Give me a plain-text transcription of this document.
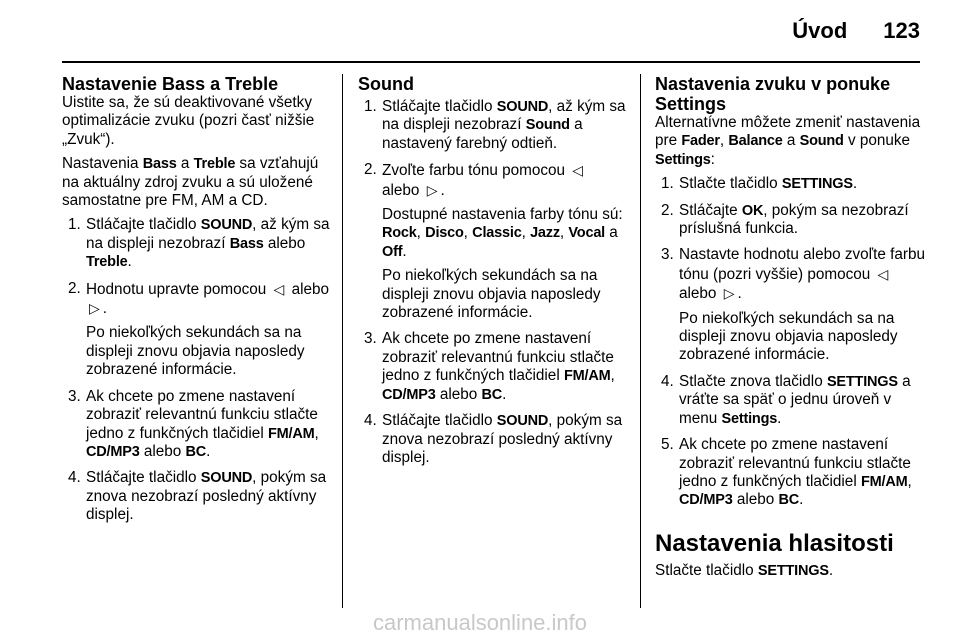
Úvod 123
Nastavenie Bass a Treble

Uistite sa, že sú deaktivované všetky optimalizácie zvuku (pozri časť nižšie „Zvuk“).

Nastavenia Bass a Treble sa vzťahujú na aktuálny zdroj zvuku a sú uložené samostatne pre FM, AM a CD.

1. Stláčajte tlačidlo SOUND, až kým sa na displeji nezobrazí Bass alebo Treble.

2. Hodnotu upravte pomocou ◁ alebo ▷ .

Po niekoľkých sekundách sa na displeji znovu objavia naposledy zobrazené informácie.

3. Ak chcete po zmene nastavení zobraziť relevantnú funkciu stlačte jedno z funkčných tlačidiel FM/AM, CD/MP3 alebo BC.
4. Stláčajte tlačidlo SOUND, pokým sa znova nezobrazí posledný aktívny displej.
Sound
1. Stláčajte tlačidlo SOUND, až kým sa na displeji nezobrazí Sound a nastavený farebný odtieň.

2. Zvoľte farbu tónu pomocou ◁ alebo ▷ .

Dostupné nastavenia farby tónu sú: Rock, Disco, Classic, Jazz, Vocal a Off.

Po niekoľkých sekundách sa na displeji znovu objavia naposledy zobrazené informácie.

3. Ak chcete po zmene nastavení zobraziť relevantnú funkciu stlačte jedno z funkčných tlačidiel FM/AM, CD/MP3 alebo BC.
4. Stláčajte tlačidlo SOUND, pokým sa znova nezobrazí posledný aktívny displej.
Nastavenia zvuku v ponuke Settings

Alternatívne môžete zmeniť nastavenia pre Fader, Balance a Sound v ponuke Settings:

1. Stlačte tlačidlo SETTINGS.
2. Stláčajte OK, pokým sa nezobrazí príslušná funkcia.

3. Nastavte hodnotu alebo zvoľte farbu tónu (pozri vyššie) pomocou ◁ alebo ▷ .

Po niekoľkých sekundách sa na displeji znovu objavia naposledy zobrazené informácie.

4. Stlačte znova tlačidlo SETTINGS a vráťte sa späť o jednu úroveň v menu Settings.
5. Ak chcete po zmene nastavení zobraziť relevantnú funkciu stlačte jedno z funkčných tlačidiel FM/AM, CD/MP3 alebo BC.
Nastavenia hlasitosti

Stlačte tlačidlo SETTINGS.

carmanualsonline.info
